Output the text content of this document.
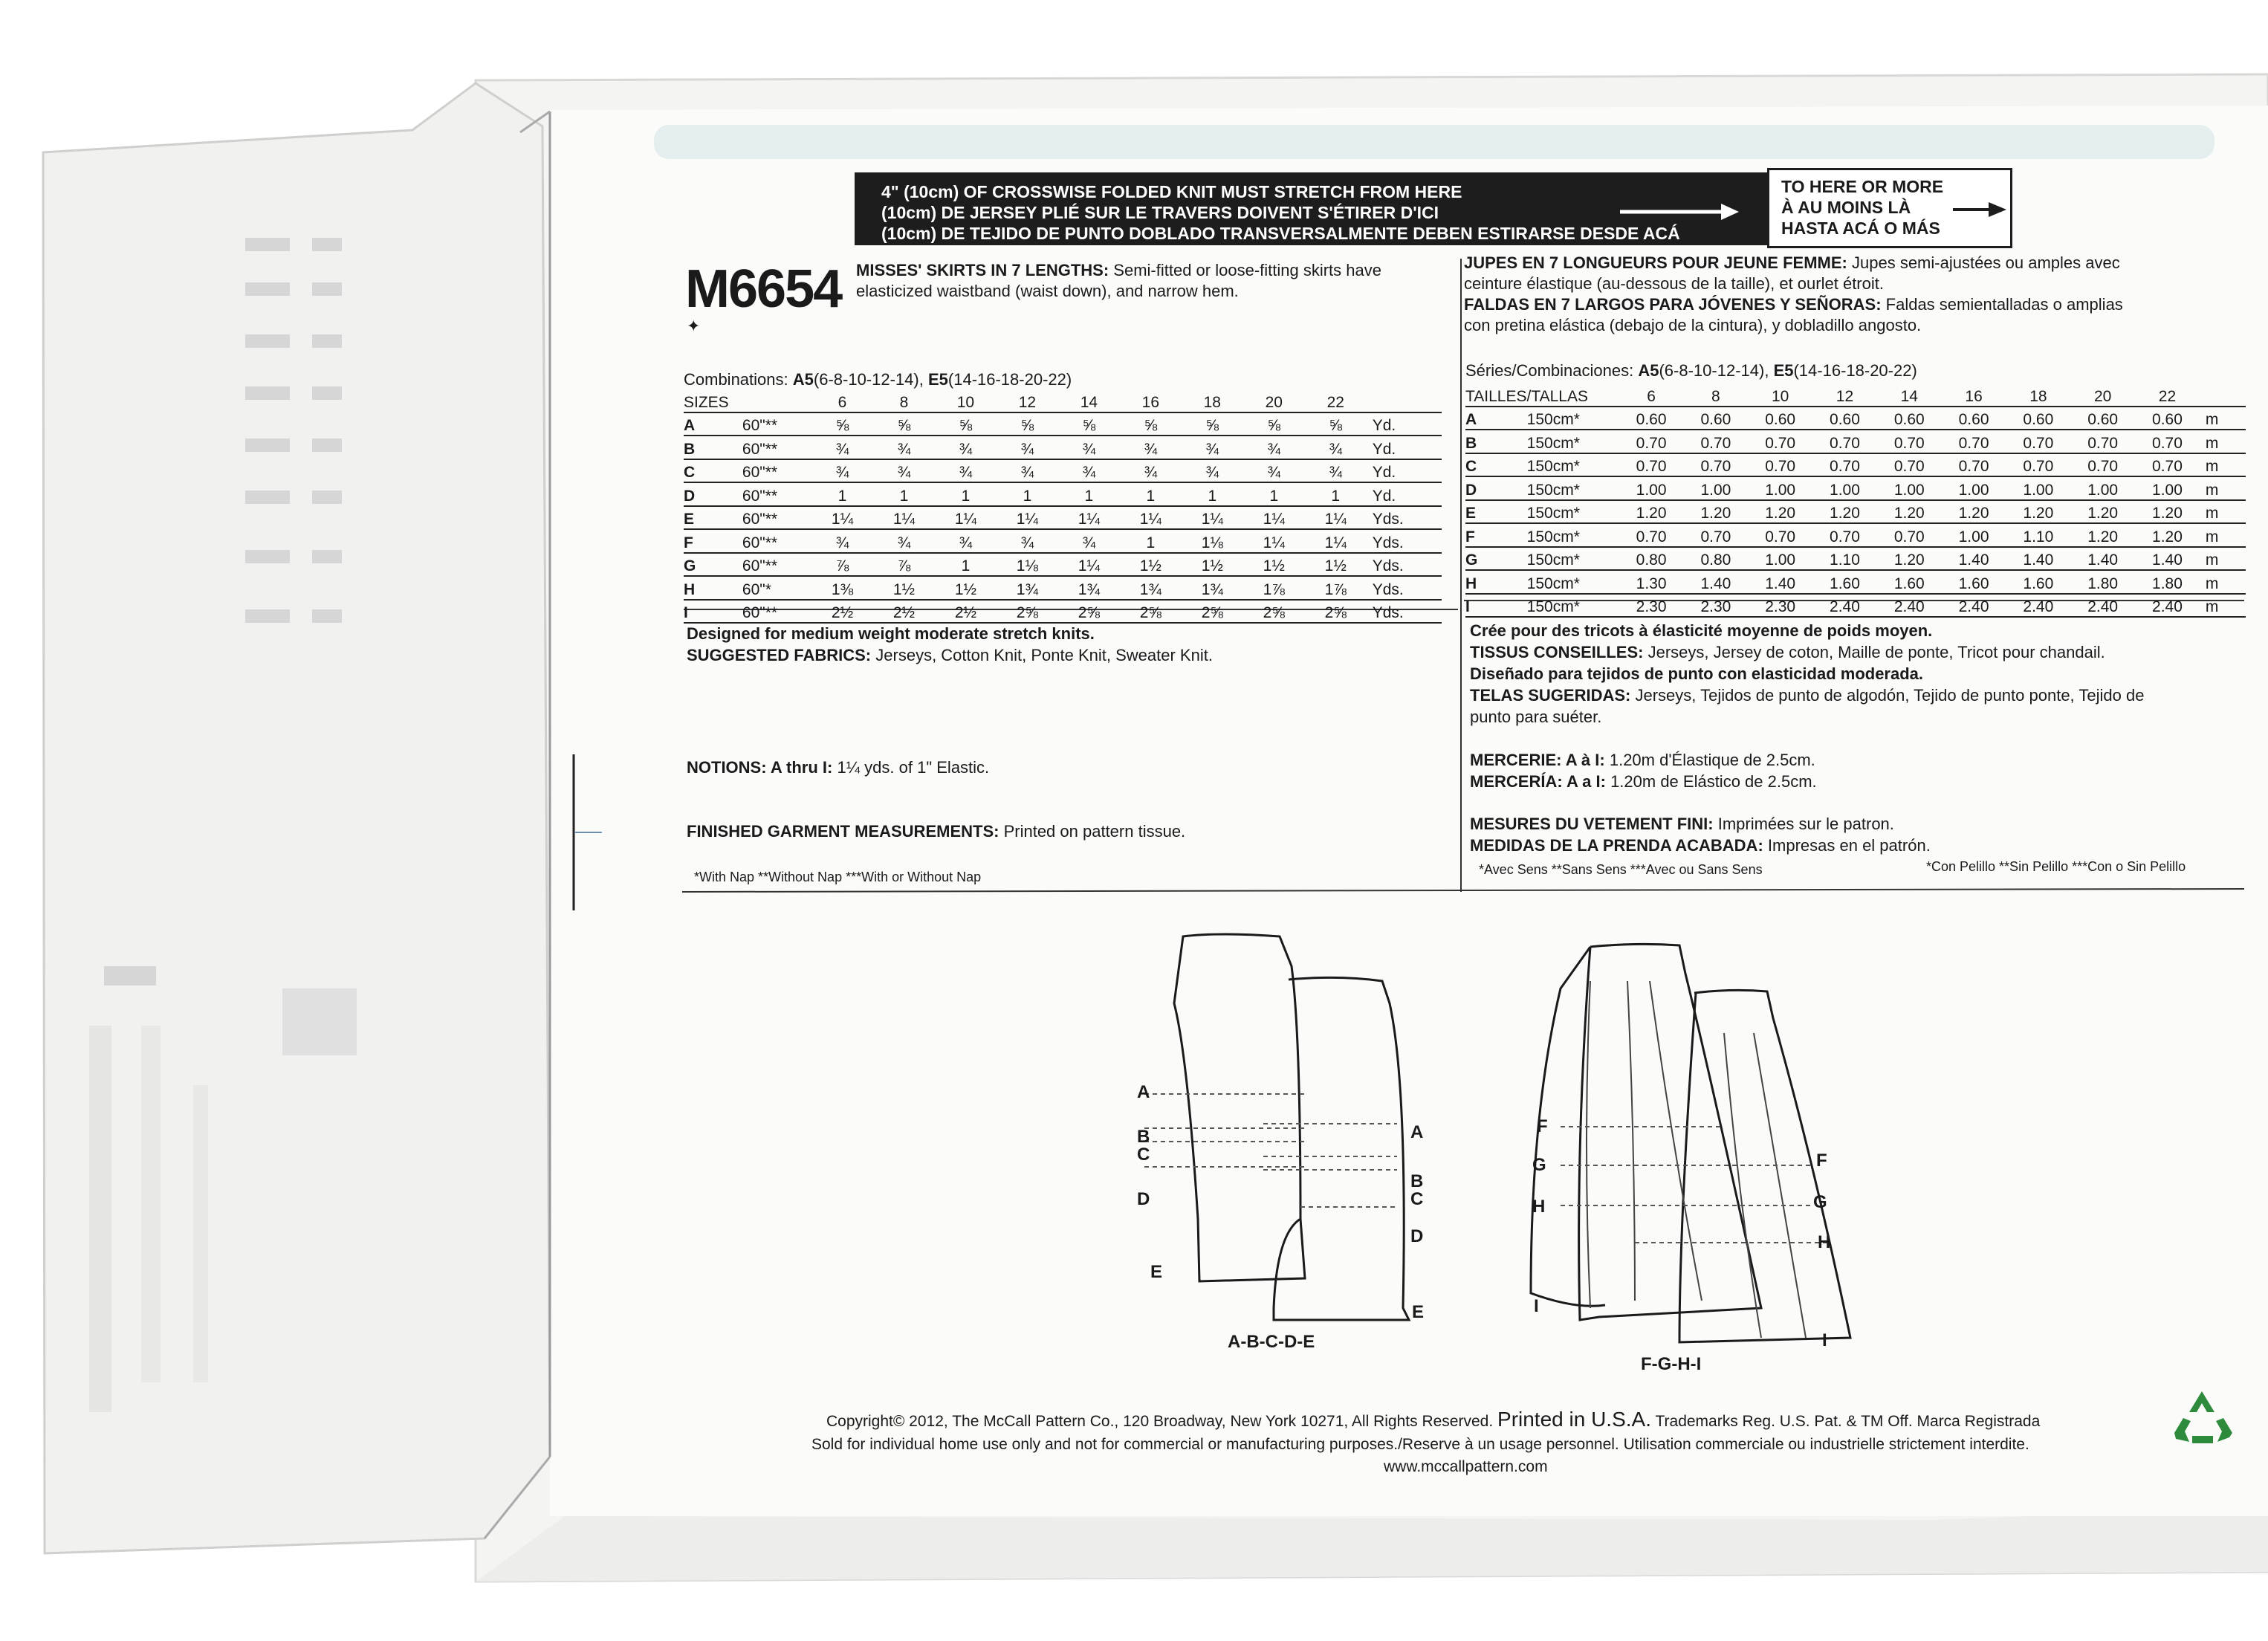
4" (10cm) OF CROSSWISE FOLDED KNIT MUST STRETCH FROM HERE
(10cm) DE JERSEY PLIÉ SUR LE TRAVERS DOIVENT S'ÉTIRER D'ICI
(10cm) DE TEJIDO DE PUNTO DOBLADO TRANSVERSALMENTE DEBEN ESTIRARSE DESDE ACÁ
TO HERE OR MORE
À AU MOINS LÀ
HASTA ACÁ O MÁS
M6654
✦
MISSES' SKIRTS IN 7 LENGTHS: Semi-fitted or loose-fitting skirts have
elasticized waistband (waist down), and narrow hem.
JUPES EN 7 LONGUEURS POUR JEUNE FEMME: Jupes semi-ajustées ou amples avec
ceinture élastique (au-dessous de la taille), et ourlet étroit.
FALDAS EN 7 LARGOS PARA JÓVENES Y SEÑORAS: Faldas semientalladas o amplias
con pretina elástica (debajo de la cintura), y dobladillo angosto.
Combinations: A5(6-8-10-12-14), E5(14-16-18-20-22)	Séries/Combinaciones: A5(6-8-10-12-14), E5(14-16-18-20-22)
SIZES		6	8	10	12	14	16	18	20	22	
A	60"**	⅝	⅝	⅝	⅝	⅝	⅝	⅝	⅝	⅝	Yd.
B	60"**	¾	¾	¾	¾	¾	¾	¾	¾	¾	Yd.
C	60"**	¾	¾	¾	¾	¾	¾	¾	¾	¾	Yd.
D	60"**	1	1	1	1	1	1	1	1	1	Yd.
E	60"**	1¼	1¼	1¼	1¼	1¼	1¼	1¼	1¼	1¼	Yds.
F	60"**	¾	¾	¾	¾	¾	1	1⅛	1¼	1¼	Yds.
G	60"**	⅞	⅞	1	1⅛	1¼	1½	1½	1½	1½	Yds.
H	60"*	1⅜	1½	1½	1¾	1¾	1¾	1¾	1⅞	1⅞	Yds.
I	60"**	2½	2½	2½	2⅝	2⅝	2⅝	2⅝	2⅝	2⅝	Yds.
TAILLES/TALLAS		6	8	10	12	14	16	18	20	22	
A	150cm*	0.60	0.60	0.60	0.60	0.60	0.60	0.60	0.60	0.60	m
B	150cm*	0.70	0.70	0.70	0.70	0.70	0.70	0.70	0.70	0.70	m
C	150cm*	0.70	0.70	0.70	0.70	0.70	0.70	0.70	0.70	0.70	m
D	150cm*	1.00	1.00	1.00	1.00	1.00	1.00	1.00	1.00	1.00	m
E	150cm*	1.20	1.20	1.20	1.20	1.20	1.20	1.20	1.20	1.20	m
F	150cm*	0.70	0.70	0.70	0.70	0.70	1.00	1.10	1.20	1.20	m
G	150cm*	0.80	0.80	1.00	1.10	1.20	1.40	1.40	1.40	1.40	m
H	150cm*	1.30	1.40	1.40	1.60	1.60	1.60	1.60	1.80	1.80	m
I	150cm*	2.30	2.30	2.30	2.40	2.40	2.40	2.40	2.40	2.40	m
Designed for medium weight moderate stretch knits.
SUGGESTED FABRICS: Jerseys, Cotton Knit, Ponte Knit, Sweater Knit.
NOTIONS: A thru I: 1¼ yds. of 1" Elastic.
FINISHED GARMENT MEASUREMENTS: Printed on pattern tissue.
*With Nap **Without Nap ***With or Without Nap
Crée pour des tricots à élasticité moyenne de poids moyen.
TISSUS CONSEILLES: Jerseys, Jersey de coton, Maille de ponte, Tricot pour chandail.
Diseñado para tejidos de punto con elasticidad moderada.
TELAS SUGERIDAS: Jerseys, Tejidos de punto de algodón, Tejido de punto ponte, Tejido de
punto para suéter.
MERCERIE: A à I: 1.20m d'Élastique de 2.5cm.
MERCERÍA: A a I: 1.20m de Elástico de 2.5cm.
MESURES DU VETEMENT FINI: Imprimées sur le patron.
MEDIDAS DE LA PRENDA ACABADA: Impresas en el patrón.
*Avec Sens **Sans Sens ***Avec ou Sans Sens	*Con Pelillo **Sin Pelillo ***Con o Sin Pelillo
A
B
C
D
E
A
B
C
D
E
A-B-C-D-E
F
G
H
I
F
G
H
I
F-G-H-I
Copyright© 2012, The McCall Pattern Co., 120 Broadway, New York 10271, All Rights Reserved. Printed in U.S.A. Trademarks Reg. U.S. Pat. & TM Off. Marca Registrada
Sold for individual home use only and not for commercial or manufacturing purposes./Reserve à un usage personnel. Utilisation commerciale ou industrielle strictement interdite.
www.mccallpattern.com
